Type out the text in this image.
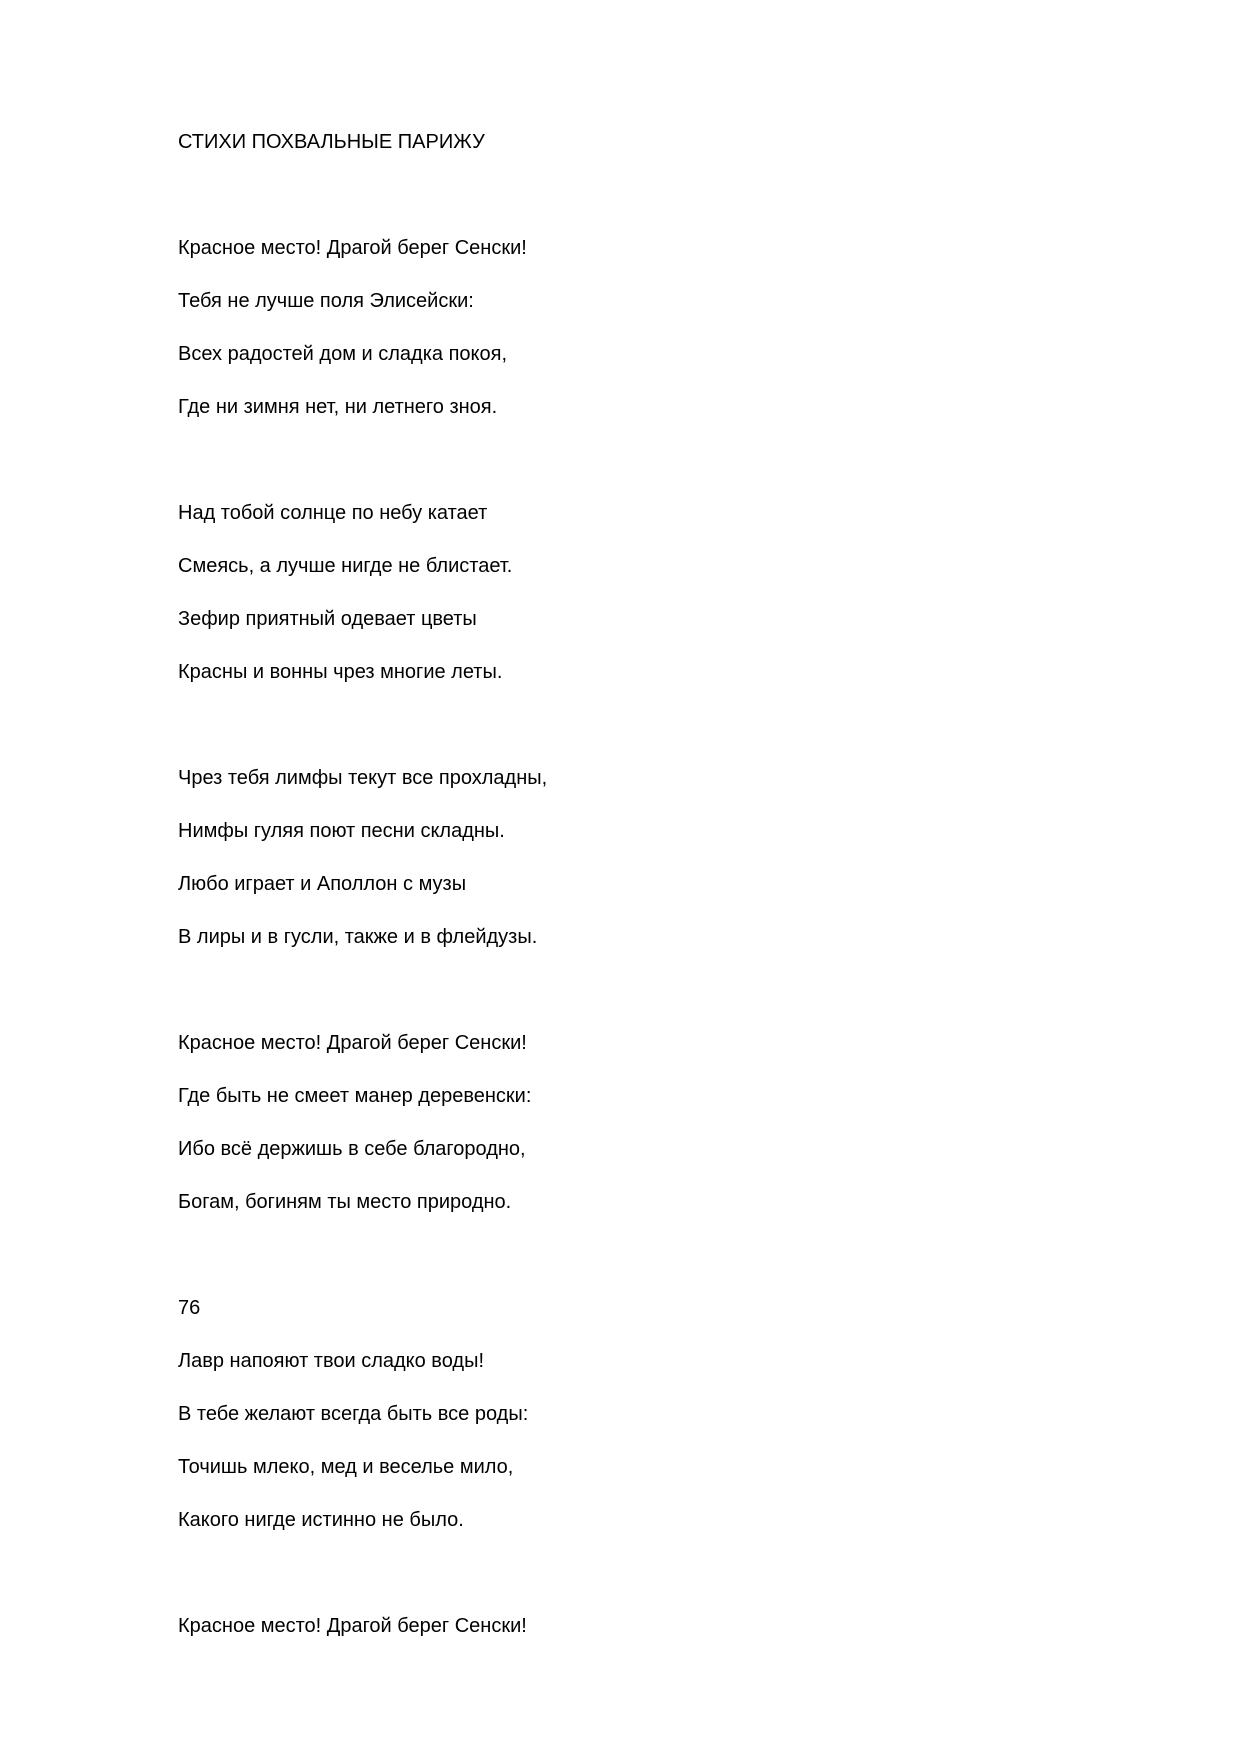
СТИХИ ПОХВАЛЬНЫЕ ПАРИЖУ
Красное место! Драгой берег Сенски!
Тебя не лучше поля Элисейски:
Всех радостей дом и сладка покоя,
Где ни зимня нет, ни летнего зноя.
Над тобой солнце по небу катает
Смеясь, а лучше нигде не блистает.
Зефир приятный одевает цветы
Красны и вонны чрез многие леты.
Чрез тебя лимфы текут все прохладны,
Нимфы гуляя поют песни складны.
Любо играет и Аполлон с музы
В лиры и в гусли, также и в флейдузы.
Красное место! Драгой берег Сенски!
Где быть не смеет манер деревенски:
Ибо всё держишь в себе благородно,
Богам, богиням ты место природно.
76
Лавр напояют твои сладко воды!
В тебе желают всегда быть все роды:
Точишь млеко, мед и веселье мило,
Какого нигде истинно не было.
Красное место! Драгой берег Сенски!
